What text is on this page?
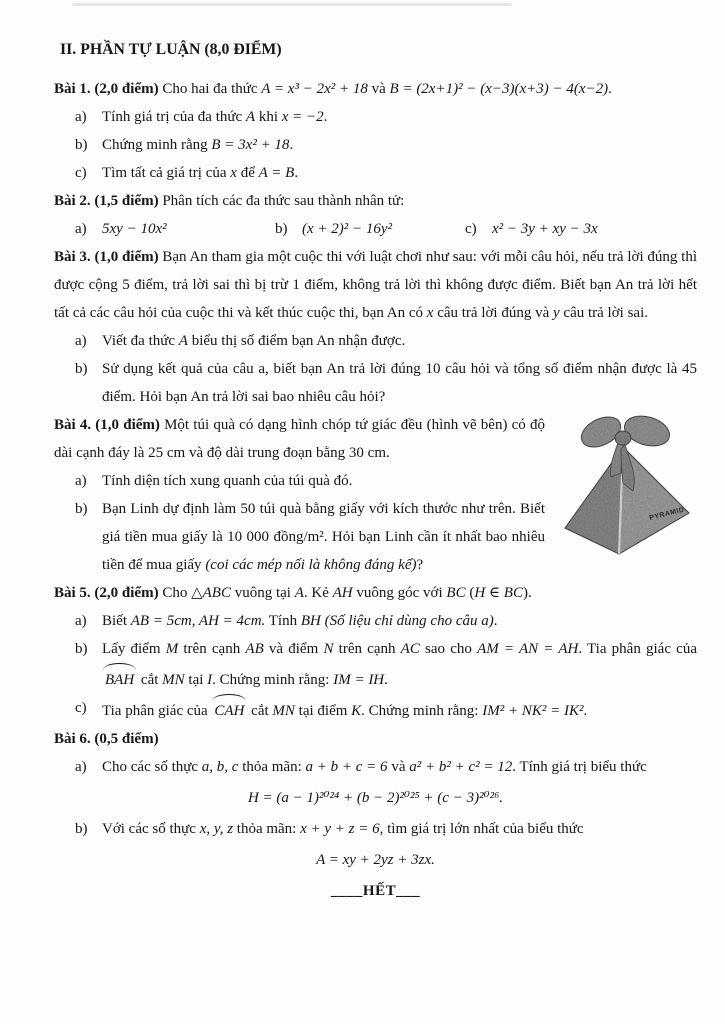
II. PHẦN TỰ LUẬN (8,0 ĐIỂM)

Bài 1. (2,0 điểm) Cho hai đa thức A = x³ − 2x² + 18 và B = (2x+1)² − (x−3)(x+3) − 4(x−2).

a)	Tính giá trị của đa thức A khi x = −2.
b) Chứng minh rằng B = 3x² + 18.
c)	Tìm tất cả giá trị của x để A = B.

Bài 2. (1,5 điểm) Phân tích các đa thức sau thành nhân tử:

a)	5xy − 10x²	b) (x + 2)² − 16y²	c)	x² − 3y + xy − 3x

Bài 3. (1,0 điểm) Bạn An tham gia một cuộc thi với luật chơi như sau: với mỗi câu hỏi, nếu trả lời đúng thì được cộng 5 điểm, trả lời sai thì bị trừ 1 điểm, không trả lời thì không được điểm. Biết bạn An trả lời hết tất cả các câu hỏi của cuộc thi và kết thúc cuộc thi, bạn An có x câu trả lời đúng và y câu trả lời sai.

a)	Viết đa thức A biểu thị số điểm bạn An nhận được.
b) Sử dụng kết quả của câu a, biết bạn An trả lời đúng 10 câu hỏi và tổng số điểm nhận được là 45 điểm. Hỏi bạn An trả lời sai bao nhiêu câu hỏi?
PYRAMID

Bài 4. (1,0 điểm) Một túi quà có dạng hình chóp tứ giác đều (hình vẽ bên) có độ dài cạnh đáy là 25 cm và độ dài trung đoạn bằng 30 cm.

a)	Tính diện tích xung quanh của túi quà đó.
b) Bạn Linh dự định làm 50 túi quà bằng giấy với kích thước như trên. Biết giá tiền mua giấy là 10 000 đồng/m². Hỏi bạn Linh cần ít nhất bao nhiêu tiền để mua giấy (coi các mép nối là không đáng kể)?

Bài 5. (2,0 điểm) Cho △ABC vuông tại A. Kẻ AH vuông góc với BC (H ∈ BC).

a)	Biết AB = 5cm, AH = 4cm. Tính BH (Số liệu chỉ dùng cho câu a).
b) Lấy điểm M trên cạnh AB và điểm N trên cạnh AC sao cho AM = AN = AH. Tia phân giác của BAH cắt MN tại I. Chứng minh rằng: IM = IH.
c)	Tia phân giác của CAH cắt MN tại điểm K. Chứng minh rằng: IM² + NK² = IK².

Bài 6. (0,5 điểm)

a)	Cho các số thực a, b, c thỏa mãn: a + b + c = 6 và a² + b² + c² = 12. Tính giá trị biểu thức

H = (a − 1)²⁰²⁴ + (b − 2)²⁰²⁵ + (c − 3)²⁰²⁶.

b) Với các số thực x, y, z thỏa mãn: x + y + z = 6, tìm giá trị lớn nhất của biểu thức

A = xy + 2yz + 3zx.

____HẾT___
